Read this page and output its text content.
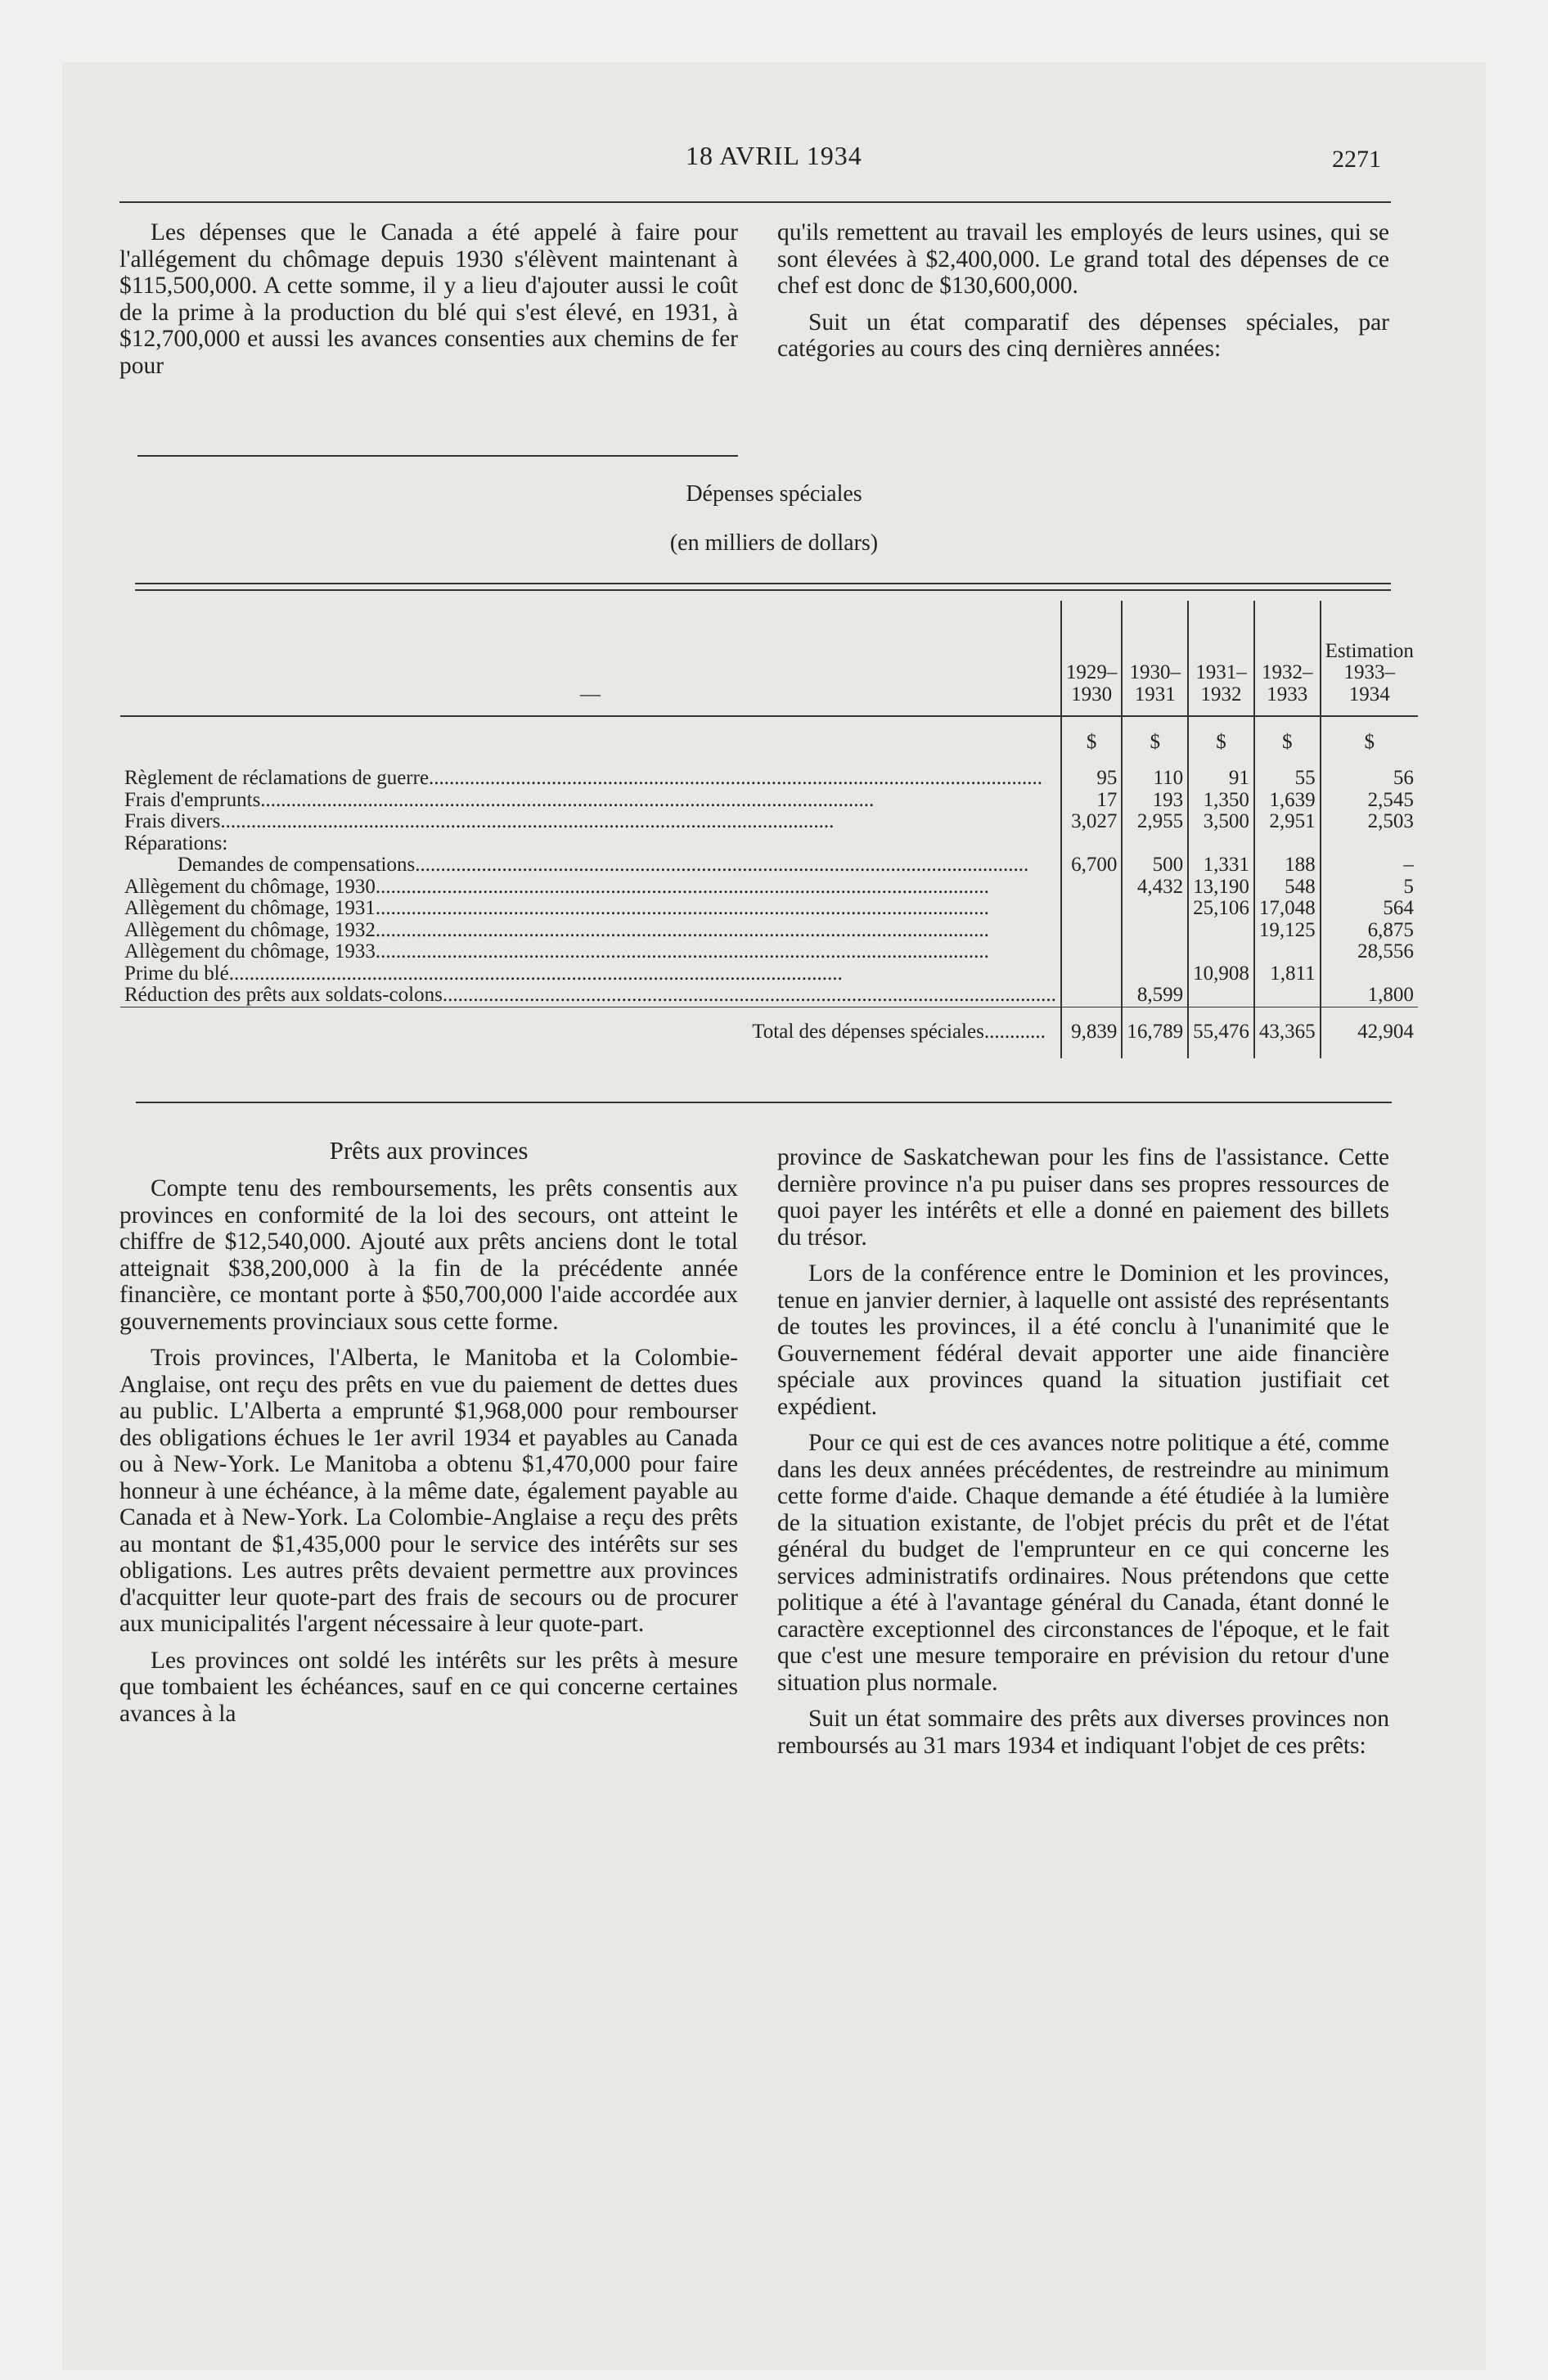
18 AVRIL 1934	2271

Les dépenses que le Canada a été appelé à faire pour l'allégement du chômage depuis 1930 s'élèvent maintenant à $115,500,000. A cette somme, il y a lieu d'ajouter aussi le coût de la prime à la production du blé qui s'est élevé, en 1931, à $12,700,000 et aussi les avances consenties aux chemins de fer pour

qu'ils remettent au travail les employés de leurs usines, qui se sont élevées à $2,400,000. Le grand total des dépenses de ce chef est donc de $130,600,000.

Suit un état comparatif des dépenses spéciales, par catégories au cours des cinq dernières années:

Dépenses spéciales
(en milliers de dollars)
—	1929–1930	1930–1931	1931–1932	1932–1933	Estimation
1933–1934
	$	$	$	$	$
Règlement de réclamations de guerre........................................................................................................................	95	110	91	55	56
Frais d'emprunts........................................................................................................................	17	193	1,350	1,639	2,545
Frais divers........................................................................................................................	3,027	2,955	3,500	2,951	2,503
Réparations:					
Demandes de compensations........................................................................................................................	6,700	500	1,331	188	–
Allègement du chômage, 1930........................................................................................................................		4,432	13,190	548	5
Allègement du chômage, 1931........................................................................................................................			25,106	17,048	564
Allègement du chômage, 1932........................................................................................................................				19,125	6,875
Allègement du chômage, 1933........................................................................................................................					28,556
Prime du blé........................................................................................................................			10,908	1,811	
Réduction des prêts aux soldats-colons........................................................................................................................		8,599			1,800
Total des dépenses spéciales............	9,839	16,789	55,476	43,365	42,904
Prêts aux provinces

Compte tenu des remboursements, les prêts consentis aux provinces en conformité de la loi des secours, ont atteint le chiffre de $12,540,000. Ajouté aux prêts anciens dont le total atteignait $38,200,000 à la fin de la précédente année financière, ce montant porte à $50,700,000 l'aide accordée aux gouvernements provinciaux sous cette forme.

Trois provinces, l'Alberta, le Manitoba et la Colombie-Anglaise, ont reçu des prêts en vue du paiement de dettes dues au public. L'Alberta a emprunté $1,968,000 pour rembourser des obligations échues le 1er avril 1934 et payables au Canada ou à New-York. Le Manitoba a obtenu $1,470,000 pour faire honneur à une échéance, à la même date, également payable au Canada et à New-York. La Colombie-Anglaise a reçu des prêts au montant de $1,435,000 pour le service des intérêts sur ses obligations. Les autres prêts devaient permettre aux provinces d'acquitter leur quote-part des frais de secours ou de procurer aux municipalités l'argent nécessaire à leur quote-part.

Les provinces ont soldé les intérêts sur les prêts à mesure que tombaient les échéances, sauf en ce qui concerne certaines avances à la

province de Saskatchewan pour les fins de l'assistance. Cette dernière province n'a pu puiser dans ses propres ressources de quoi payer les intérêts et elle a donné en paiement des billets du trésor.

Lors de la conférence entre le Dominion et les provinces, tenue en janvier dernier, à laquelle ont assisté des représentants de toutes les provinces, il a été conclu à l'unanimité que le Gouvernement fédéral devait apporter une aide financière spéciale aux provinces quand la situation justifiait cet expédient.

Pour ce qui est de ces avances notre politique a été, comme dans les deux années précédentes, de restreindre au minimum cette forme d'aide. Chaque demande a été étudiée à la lumière de la situation existante, de l'objet précis du prêt et de l'état général du budget de l'emprunteur en ce qui concerne les services administratifs ordinaires. Nous prétendons que cette politique a été à l'avantage général du Canada, étant donné le caractère exceptionnel des circonstances de l'époque, et le fait que c'est une mesure temporaire en prévision du retour d'une situation plus normale.

Suit un état sommaire des prêts aux diverses provinces non remboursés au 31 mars 1934 et indiquant l'objet de ces prêts:
